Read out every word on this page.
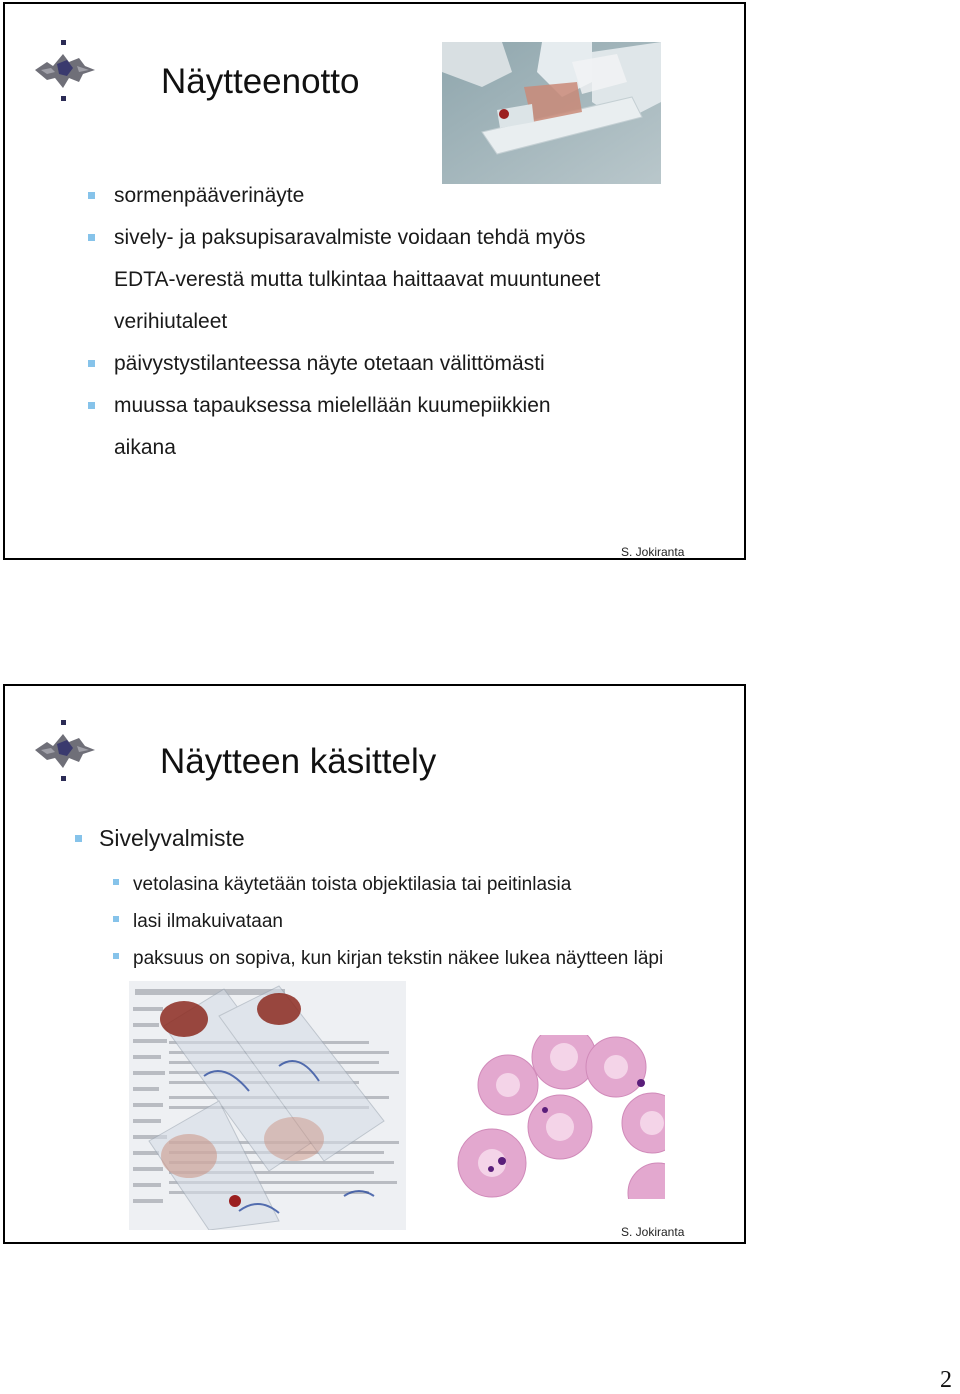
Näytteenotto
sormenpääverinäyte
sively- ja paksupisaravalmiste voidaan tehdä myös
EDTA-verestä mutta tulkintaa haittaavat muuntuneet
verihiutaleet
päivystystilanteessa näyte otetaan välittömästi
muussa tapauksessa mielellään kuumepiikkien
aikana
S. Jokiranta
Näytteen käsittely
Sivelyvalmiste
vetolasina käytetään toista objektilasia tai peitinlasia
lasi ilmakuivataan
paksuus on sopiva, kun kirjan tekstin näkee lukea näytteen läpi
S. Jokiranta
2
